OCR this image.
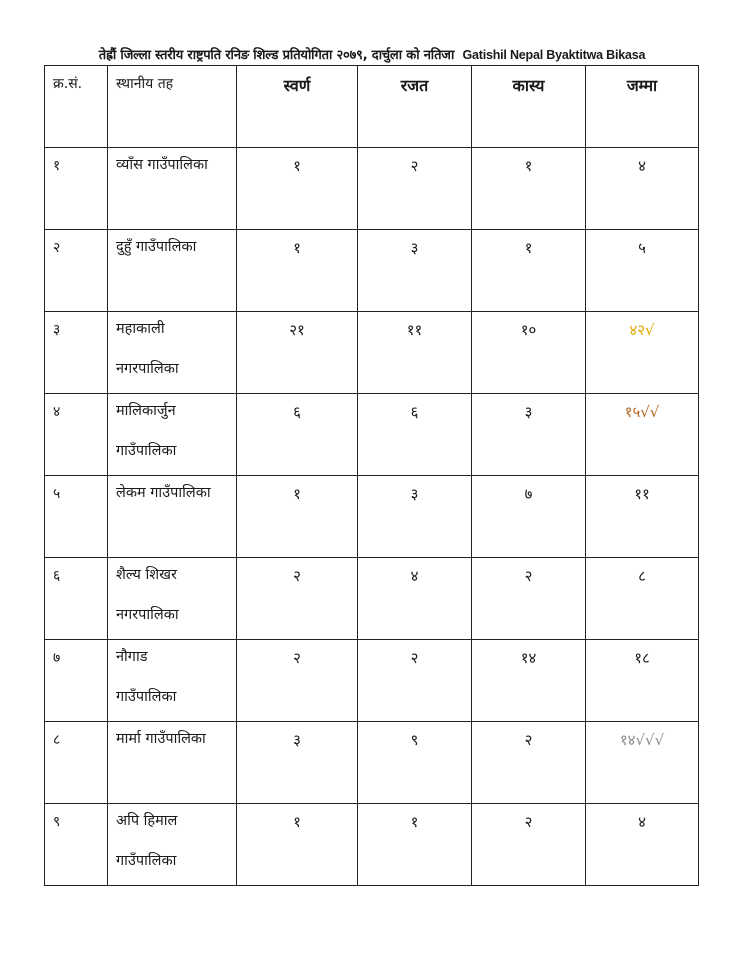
तेह्रौं जिल्ला स्तरीय राष्ट्रपति रनिङ शिल्ड प्रतियोगिता २०७९, दार्चुला को नतिजा Gatishil Nepal Byaktitwa Bikasa
क्र.सं.	स्थानीय तह	स्वर्ण	रजत	कास्य	जम्मा
१	व्याँस गाउँपालिका	१	२	१	४
२	दुहुँ गाउँपालिका	१	३	१	५
३	महाकाली
नगरपालिका	२१	११	१०	४२√
४	मालिकार्जुन
गाउँपालिका	६	६	३	१५√√
५	लेकम गाउँपालिका	१	३	७	११
६	शैल्य शिखर
नगरपालिका	२	४	२	८
७	नौगाड
गाउँपालिका	२	२	१४	१८
८	मार्मा गाउँपालिका	३	९	२	१४√√√
९	अपि हिमाल
गाउँपालिका	१	१	२	४
